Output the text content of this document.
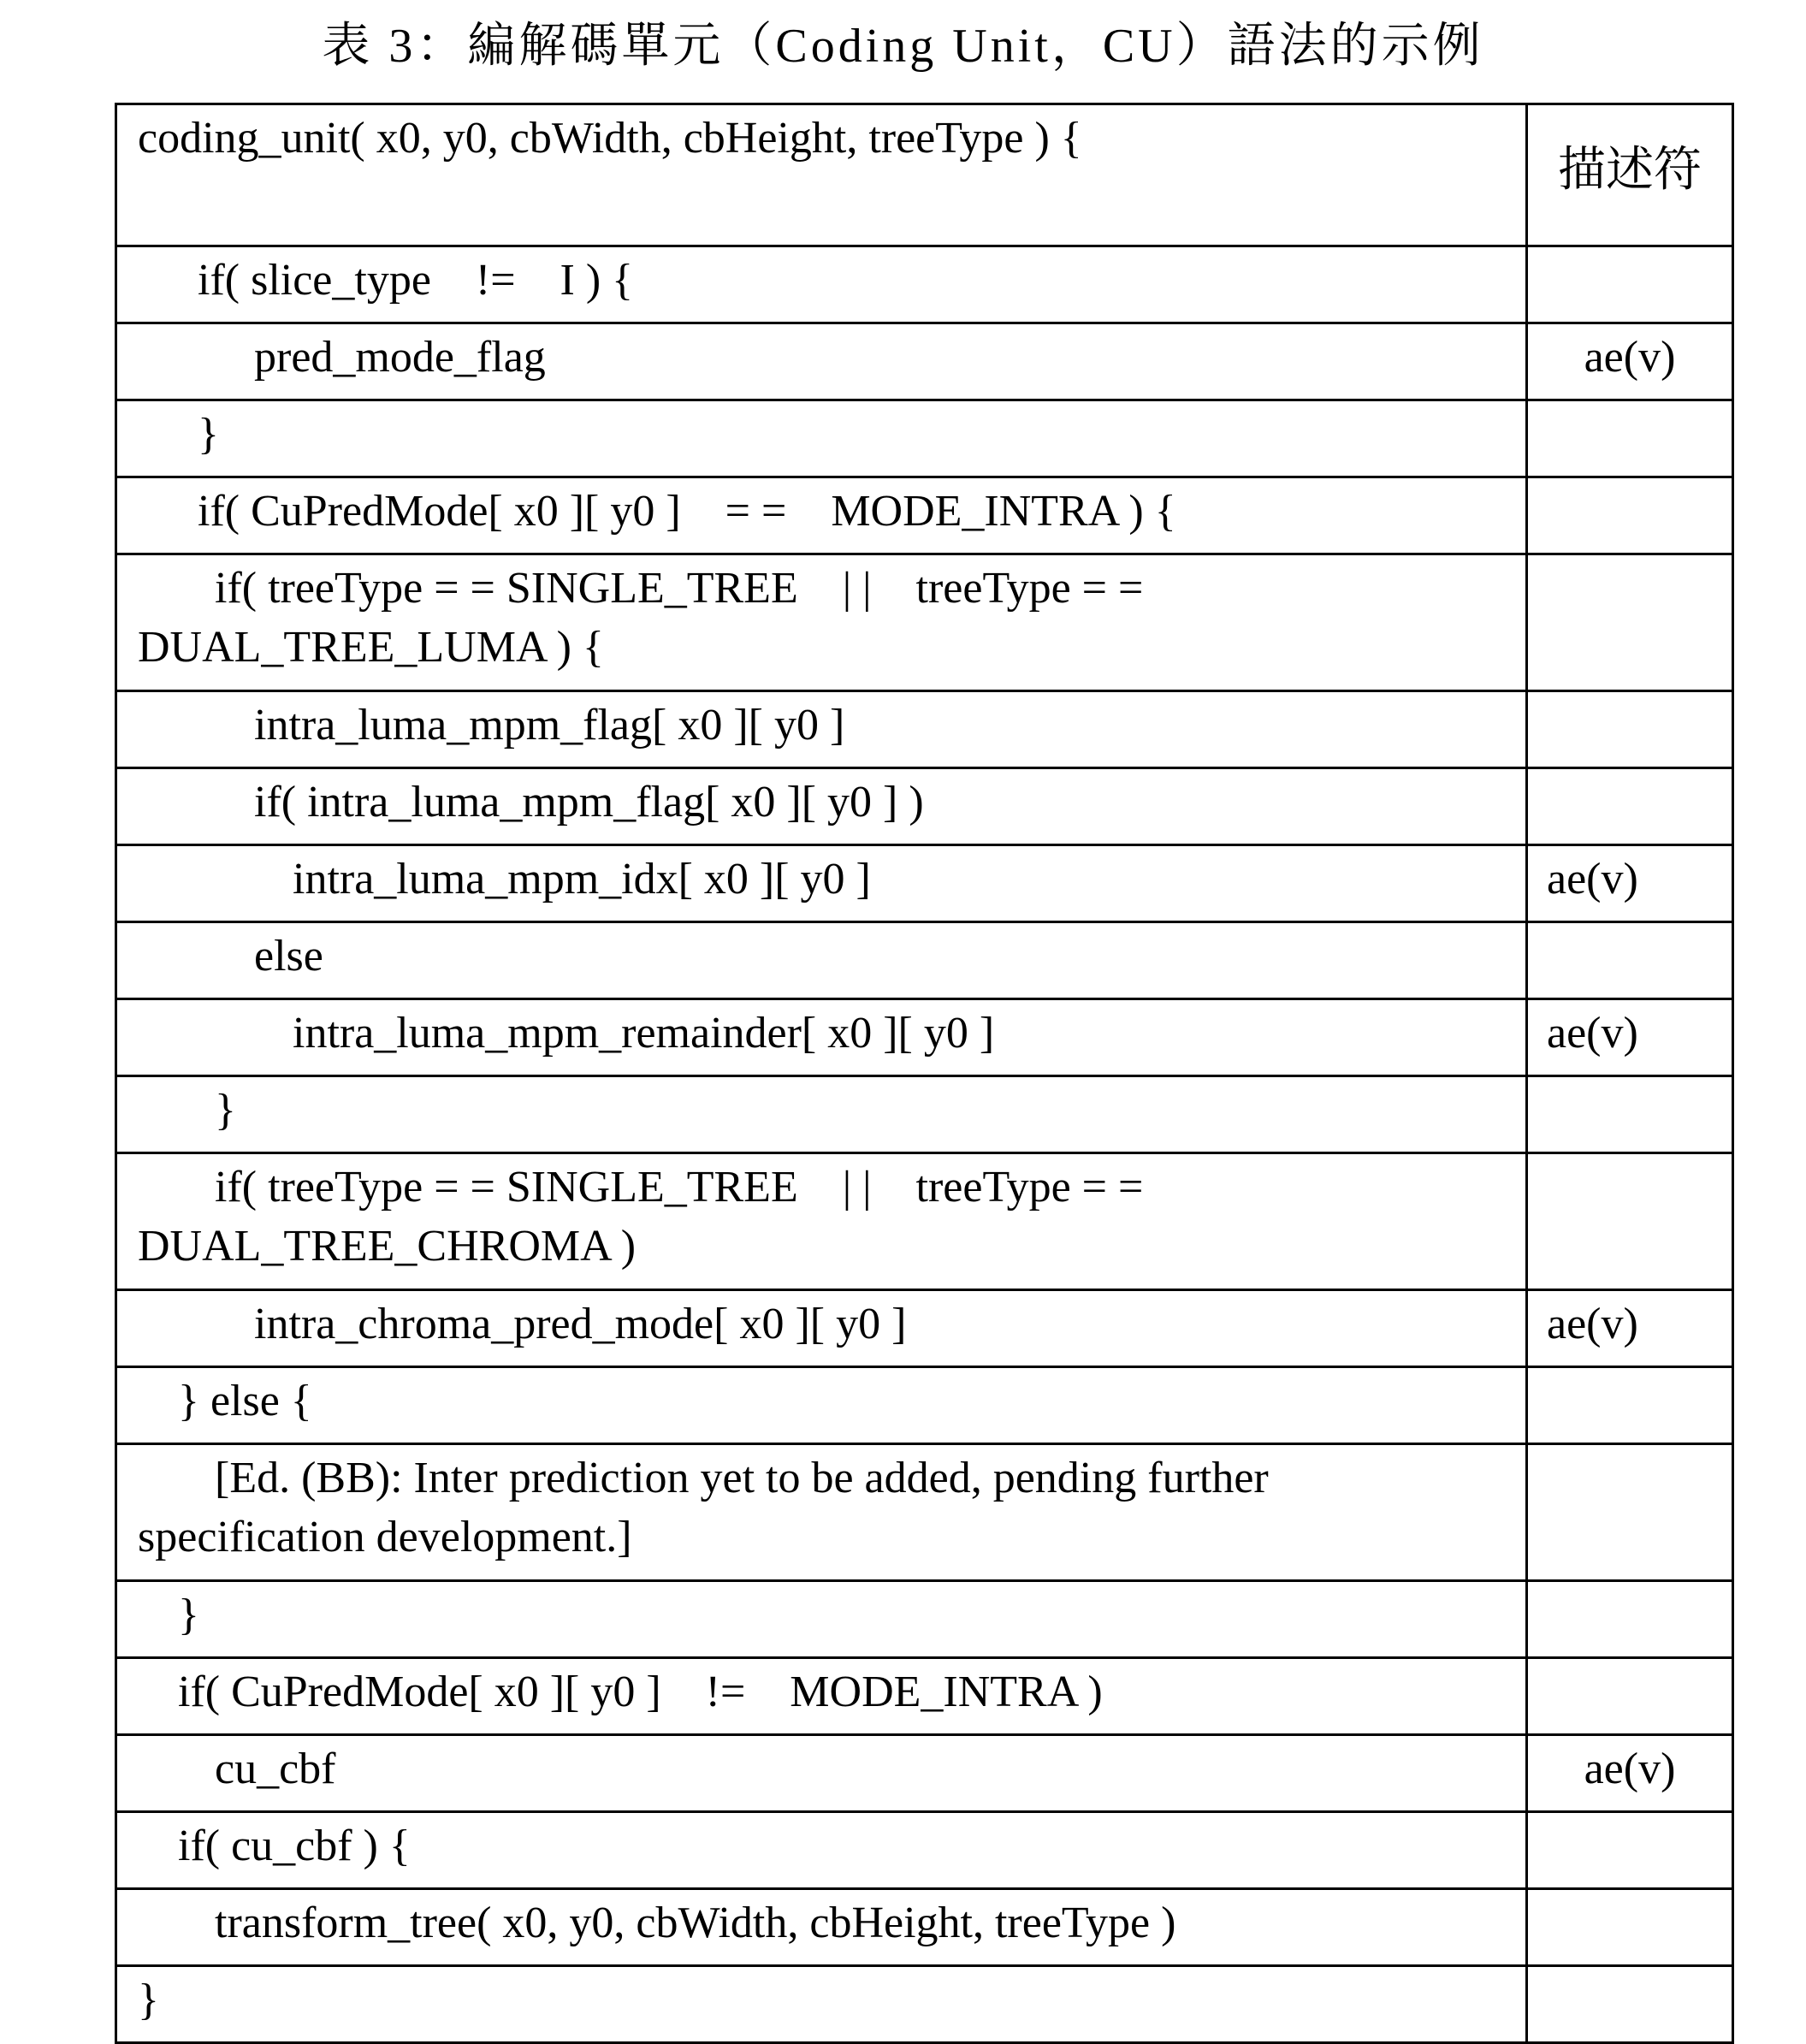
表 3：編解碼單元（Coding Unit，CU）語法的示例
coding_unit( x0, y0, cbWidth, cbHeight, treeType ) {	描述符

if( slice_type    !=    I ) {	

pred_mode_flag	ae(v)

}	

if( CuPredMode[ x0 ][ y0 ]    = =    MODE_INTRA ) {	

if( treeType = = SINGLE_TREE    | |    treeType = =
DUAL_TREE_LUMA ) {	

intra_luma_mpm_flag[ x0 ][ y0 ]	

if( intra_luma_mpm_flag[ x0 ][ y0 ] )	

intra_luma_mpm_idx[ x0 ][ y0 ]	ae(v)

else	

intra_luma_mpm_remainder[ x0 ][ y0 ]	ae(v)

}	

if( treeType = = SINGLE_TREE    | |    treeType = =
DUAL_TREE_CHROMA )	

intra_chroma_pred_mode[ x0 ][ y0 ]	ae(v)

} else {	

[Ed. (BB): Inter prediction yet to be added, pending further
specification development.]	

}	

if( CuPredMode[ x0 ][ y0 ]    !=    MODE_INTRA )	

cu_cbf	ae(v)

if( cu_cbf ) {	

transform_tree( x0, y0, cbWidth, cbHeight, treeType )	

}	
